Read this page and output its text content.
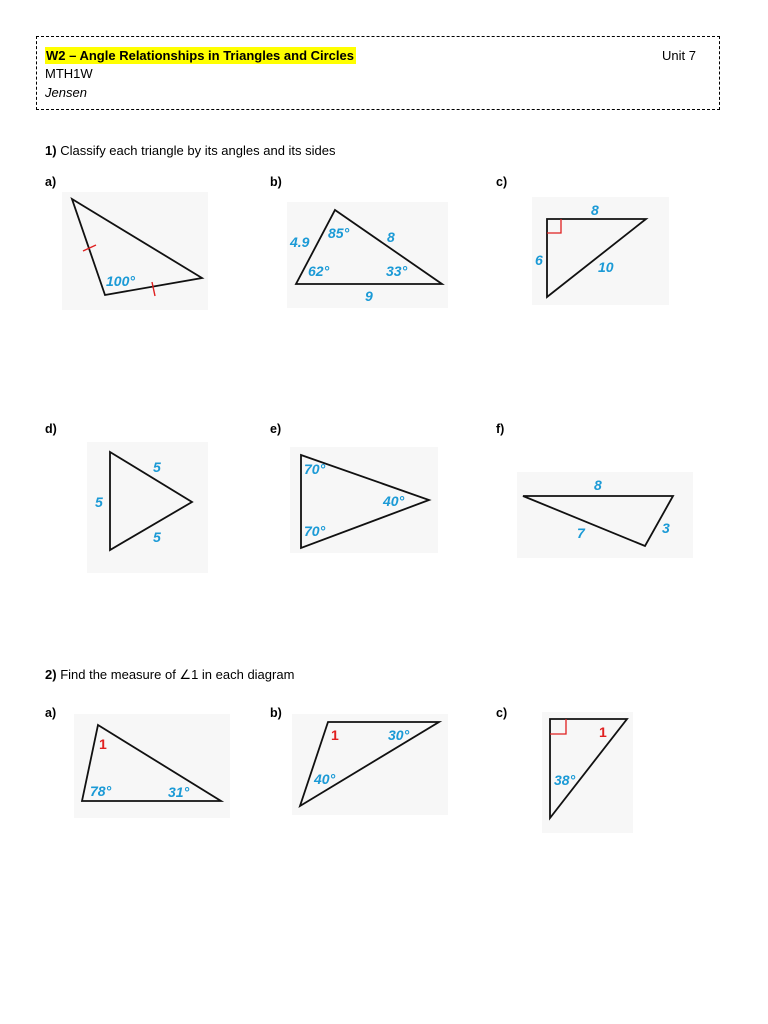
W2 – Angle Relationships in Triangles and Circles
MTH1W
Jensen
Unit 7
1) Classify each triangle by its angles and its sides
a)	b)	c)
100°
4.9
85°	8
62°	33°
9
8
6	10
d)	e)	f)
5
5
5
70°
40°
70°
8
7	3
2) Find the measure of ∠1 in each diagram
a)	b)	c)
1
78°	31°
1	30°
40°
1
38°
